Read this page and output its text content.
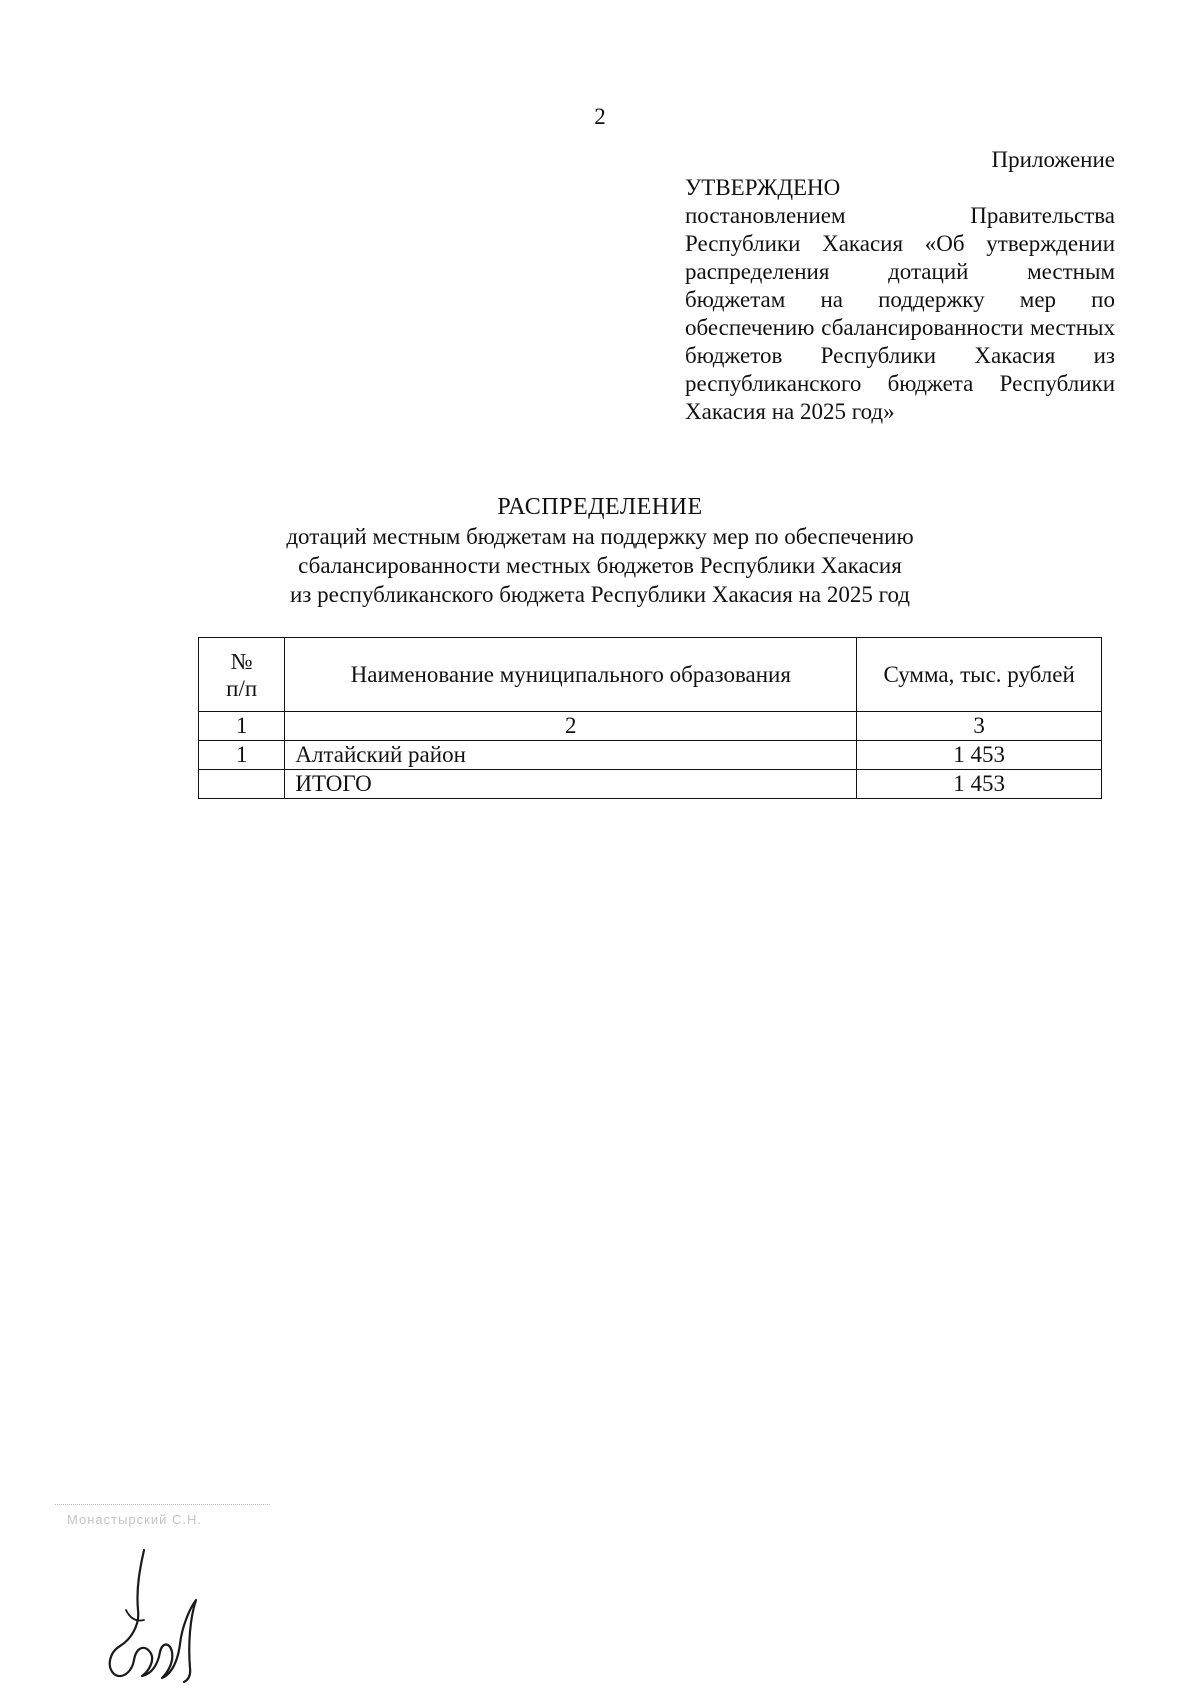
2
Приложение
УТВЕРЖДЕНО
постановлением Правительства Республики Хакасия «Об утверждении распределения дотаций местным бюджетам на поддержку мер по обеспечению сбалансированности местных бюджетов Республики Хакасия из республиканского бюджета Республики Хакасия на 2025 год»
РАСПРЕДЕЛЕНИЕ
дотаций местным бюджетам на поддержку мер по обеспечению
сбалансированности местных бюджетов Республики Хакасия
из республиканского бюджета Республики Хакасия на 2025 год
№
п/п	Наименование муниципального образования	Сумма, тыс. рублей
1	2	3
1	Алтайский район	1 453
	ИТОГО	1 453
Монастырский С.Н.
